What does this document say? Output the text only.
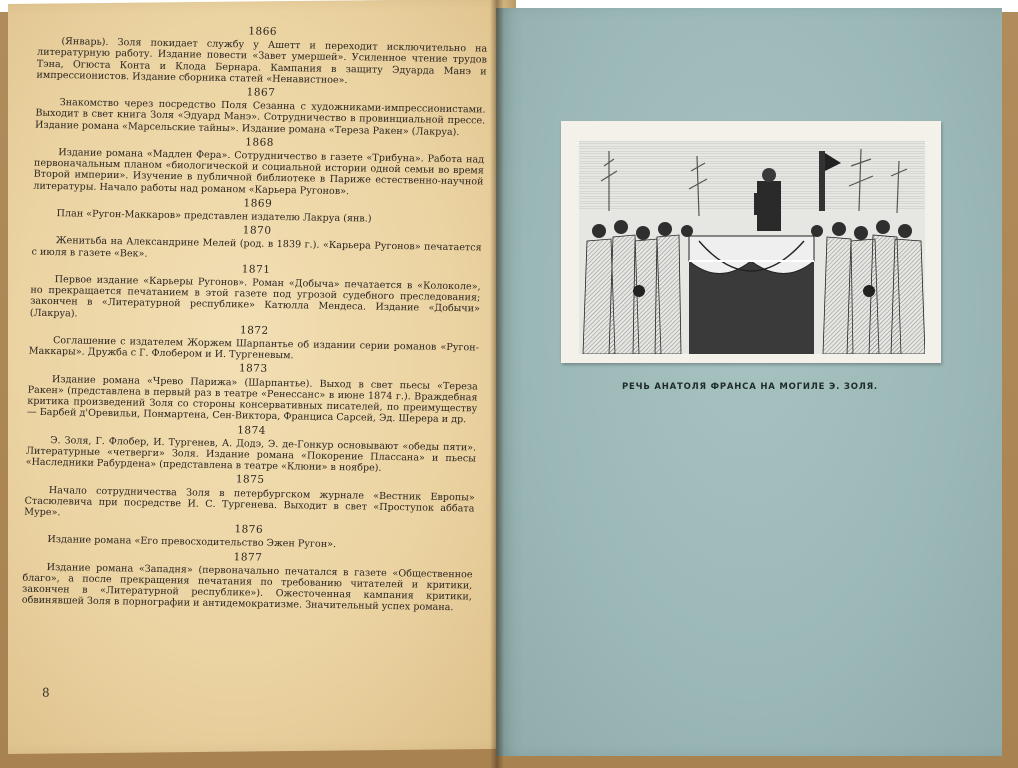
1866

(Январь). Золя покидает службу у Ашетт и переходит исключительно на литературную работу. Издание повести «Завет умершей». Усиленное чтение трудов Тэна, Огюста Конта и Клода Бернара. Кампания в защиту Эдуарда Манэ и импрессионистов. Издание сборника статей «Ненавистное».

1867

Знакомство через посредство Поля Сезанна с художниками-импрессионистами. Выходит в свет книга Золя «Эдуард Манэ». Сотрудничество в провинциальной прессе. Издание романа «Марсельские тайны». Издание романа «Тереза Ракен» (Лакруа).

1868

Издание романа «Мадлен Фера». Сотрудничество в газете «Трибуна». Работа над первоначальным планом «биологической и социальной истории одной семьи во время Второй империи». Изучение в публичной библиотеке в Париже естественно-научной литературы. Начало работы над романом «Карьера Ругонов».

1869

План «Ругон-Маккаров» представлен издателю Лакруа (янв.)

1870

Женитьба на Александрине Мелей (род. в 1839 г.). «Карьера Ругонов» печатается с июля в газете «Век».

1871

Первое издание «Карьеры Ругонов». Роман «Добыча» печатается в «Колоколе», но прекращается печатанием в этой газете под угрозой судебного преследования; закончен в «Литературной республике» Катюлла Мендеса. Издание «Добычи» (Лакруа).

1872

Соглашение с издателем Жоржем Шарпантье об издании серии романов «Ругон-Маккары». Дружба с Г. Флобером и И. Тургеневым.

1873

Издание романа «Чрево Парижа» (Шарпантье). Выход в свет пьесы «Тереза Ракен» (представлена в первый раз в театре «Ренессанс» в июне 1874 г.). Враждебная критика произведений Золя со стороны консервативных писателей, по преимуществу — Барбей д'Оревильи, Понмартена, Сен-Виктора, Франциса Сарсей, Эд. Шерера и др.

1874

Э. Золя, Г. Флобер, И. Тургенев, А. Додэ, Э. де-Гонкур основывают «обеды пяти». Литературные «четверги» Золя. Издание романа «Покорение Плассана» и пьесы «Наследники Рабурдена» (представлена в театре «Клюни» в ноябре).

1875

Начало сотрудничества Золя в петербургском журнале «Вестник Европы» Стасюлевича при посредстве И. С. Тургенева. Выходит в свет «Проступок аббата Муре».

1876

Издание романа «Его превосходительство Эжен Ругон».

1877

Издание романа «Западня» (первоначально печатался в газете «Общественное благо», а после прекращения печатания по требованию читателей и критики, закончен в «Литературной республике»). Ожесточенная кампания критики, обвинявшей Золя в порнографии и антидемократизме. Значительный успех романа.

8
РЕЧЬ АНАТОЛЯ ФРАНСА НА МОГИЛЕ Э. ЗОЛЯ.
